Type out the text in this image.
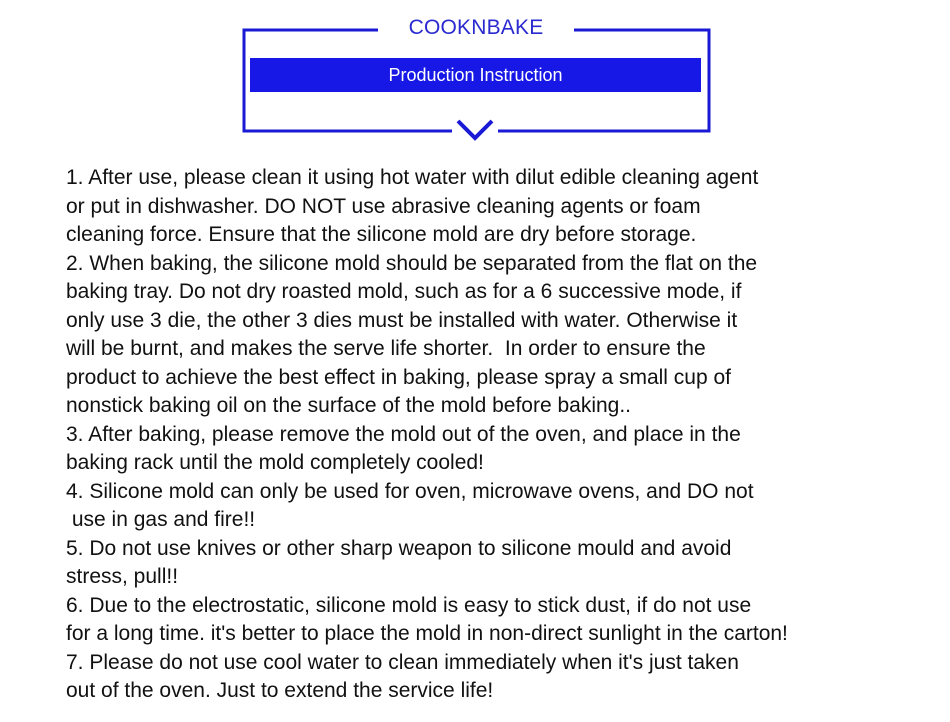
COOKNBAKE
Production Instruction
1. After use, please clean it using hot water with dilut edible cleaning agent
or put in dishwasher. DO NOT use abrasive cleaning agents or foam
cleaning force. Ensure that the silicone mold are dry before storage.
2. When baking, the silicone mold should be separated from the flat on the
baking tray. Do not dry roasted mold, such as for a 6 successive mode, if
only use 3 die, the other 3 dies must be installed with water. Otherwise it
will be burnt, and makes the serve life shorter.  In order to ensure the
product to achieve the best effect in baking, please spray a small cup of
nonstick baking oil on the surface of the mold before baking..
3. After baking, please remove the mold out of the oven, and place in the
baking rack until the mold completely cooled!
4. Silicone mold can only be used for oven, microwave ovens, and DO not
use in gas and fire!!
5. Do not use knives or other sharp weapon to silicone mould and avoid
stress, pull!!
6. Due to the electrostatic, silicone mold is easy to stick dust, if do not use
for a long time. it's better to place the mold in non-direct sunlight in the carton!
7. Please do not use cool water to clean immediately when it's just taken
out of the oven. Just to extend the service life!
